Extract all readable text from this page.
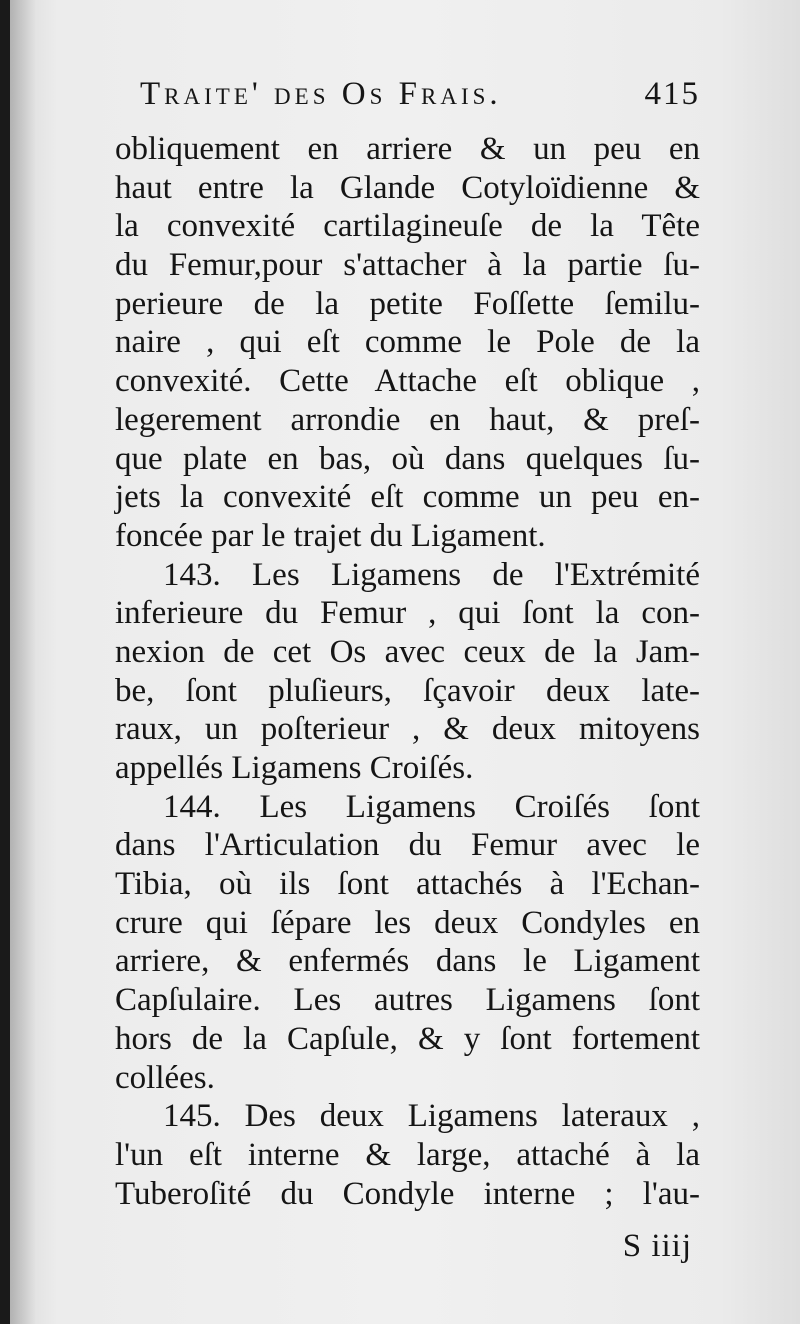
Traite' des Os Frais.	415
obliquement en arriere & un peu en
haut entre la Glande Cotyloïdienne &
la convexité cartilagineuſe de la Tête
du Femur,pour s'attacher à la partie ſu-
perieure de la petite Foſſette ſemilu-
naire , qui eſt comme le Pole de la
convexité. Cette Attache eſt oblique ,
legerement arrondie en haut, & preſ-
que plate en bas, où dans quelques ſu-
jets la convexité eſt comme un peu en-
foncée par le trajet du Ligament.
143. Les Ligamens de l'Extrémité
inferieure du Femur , qui ſont la con-
nexion de cet Os avec ceux de la Jam-
be, ſont pluſieurs, ſçavoir deux late-
raux, un poſterieur , & deux mitoyens
appellés Ligamens Croiſés.
144. Les Ligamens Croiſés ſont
dans l'Articulation du Femur avec le
Tibia, où ils ſont attachés à l'Echan-
crure qui ſépare les deux Condyles en
arriere, & enfermés dans le Ligament
Capſulaire. Les autres Ligamens ſont
hors de la Capſule, & y ſont fortement
collées.
145. Des deux Ligamens lateraux ,
l'un eſt interne & large, attaché à la
Tuberoſité du Condyle interne ; l'au-
S iiij
